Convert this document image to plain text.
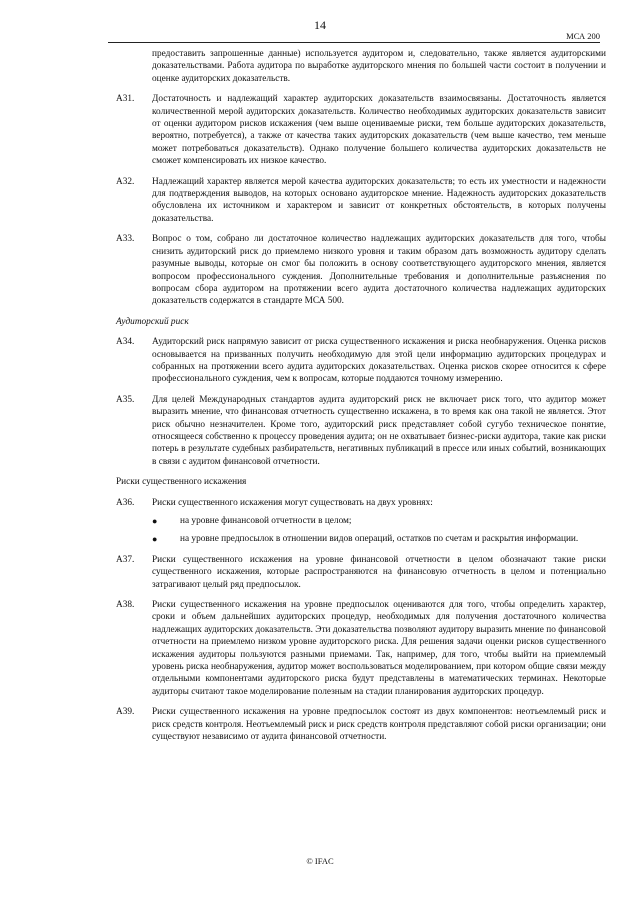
14
МСА 200
предоставить запрошенные данные) используется аудитором и, следовательно, также является аудиторскими доказательствами. Работа аудитора по выработке аудиторского мнения по большей части состоит в получении и оценке аудиторских доказательств.
A31. Достаточность и надлежащий характер аудиторских доказательств взаимосвязаны. Достаточность является количественной мерой аудиторских доказательств. Количество необходимых аудиторских доказательств зависит от оценки аудитором рисков искажения (чем выше оцениваемые риски, тем больше аудиторских доказательств, вероятно, потребуется), а также от качества таких аудиторских доказательств (чем выше качество, тем меньше может потребоваться доказательств). Однако получение большего количества аудиторских доказательств не сможет компенсировать их низкое качество.
A32. Надлежащий характер является мерой качества аудиторских доказательств; то есть их уместности и надежности для подтверждения выводов, на которых основано аудиторское мнение. Надежность аудиторских доказательств обусловлена их источником и характером и зависит от конкретных обстоятельств, в которых получены доказательства.
A33. Вопрос о том, собрано ли достаточное количество надлежащих аудиторских доказательств для того, чтобы снизить аудиторский риск до приемлемо низкого уровня и таким образом дать возможность аудитору сделать разумные выводы, которые он смог бы положить в основу соответствующего аудиторского мнения, является вопросом профессионального суждения. Дополнительные требования и дополнительные разъяснения по вопросам сбора аудитором на протяжении всего аудита достаточного количества надлежащих аудиторских доказательств содержатся в стандарте МСА 500.
Аудиторский риск
A34. Аудиторский риск напрямую зависит от риска существенного искажения и риска необнаружения. Оценка рисков основывается на призванных получить необходимую для этой цели информацию аудиторских процедурах и собранных на протяжении всего аудита аудиторских доказательствах. Оценка рисков скорее относится к сфере профессионального суждения, чем к вопросам, которые поддаются точному измерению.
A35. Для целей Международных стандартов аудита аудиторский риск не включает риск того, что аудитор может выразить мнение, что финансовая отчетность существенно искажена, в то время как она такой не является. Этот риск обычно незначителен. Кроме того, аудиторский риск представляет собой сугубо техническое понятие, относящееся собственно к процессу проведения аудита; он не охватывает бизнес-риски аудитора, такие как риски потерь в результате судебных разбирательств, негативных публикаций в прессе или иных событий, возникающих в связи с аудитом финансовой отчетности.
Риски существенного искажения
A36. Риски существенного искажения могут существовать на двух уровнях:
● на уровне финансовой отчетности в целом;
● на уровне предпосылок в отношении видов операций, остатков по счетам и раскрытия информации.
A37. Риски существенного искажения на уровне финансовой отчетности в целом обозначают такие риски существенного искажения, которые распространяются на финансовую отчетность в целом и потенциально затрагивают целый ряд предпосылок.
A38. Риски существенного искажения на уровне предпосылок оцениваются для того, чтобы определить характер, сроки и объем дальнейших аудиторских процедур, необходимых для получения достаточного количества надлежащих аудиторских доказательств. Эти доказательства позволяют аудитору выразить мнение по финансовой отчетности на приемлемо низком уровне аудиторского риска. Для решения задачи оценки рисков существенного искажения аудиторы пользуются разными приемами. Так, например, для того, чтобы выйти на приемлемый уровень риска необнаружения, аудитор может воспользоваться моделированием, при котором общие связи между отдельными компонентами аудиторского риска будут представлены в математических терминах. Некоторые аудиторы считают такое моделирование полезным на стадии планирования аудиторских процедур.
A39. Риски существенного искажения на уровне предпосылок состоят из двух компонентов: неотъемлемый риск и риск средств контроля. Неотъемлемый риск и риск средств контроля представляют собой риски организации; они существуют независимо от аудита финансовой отчетности.
© IFAC
